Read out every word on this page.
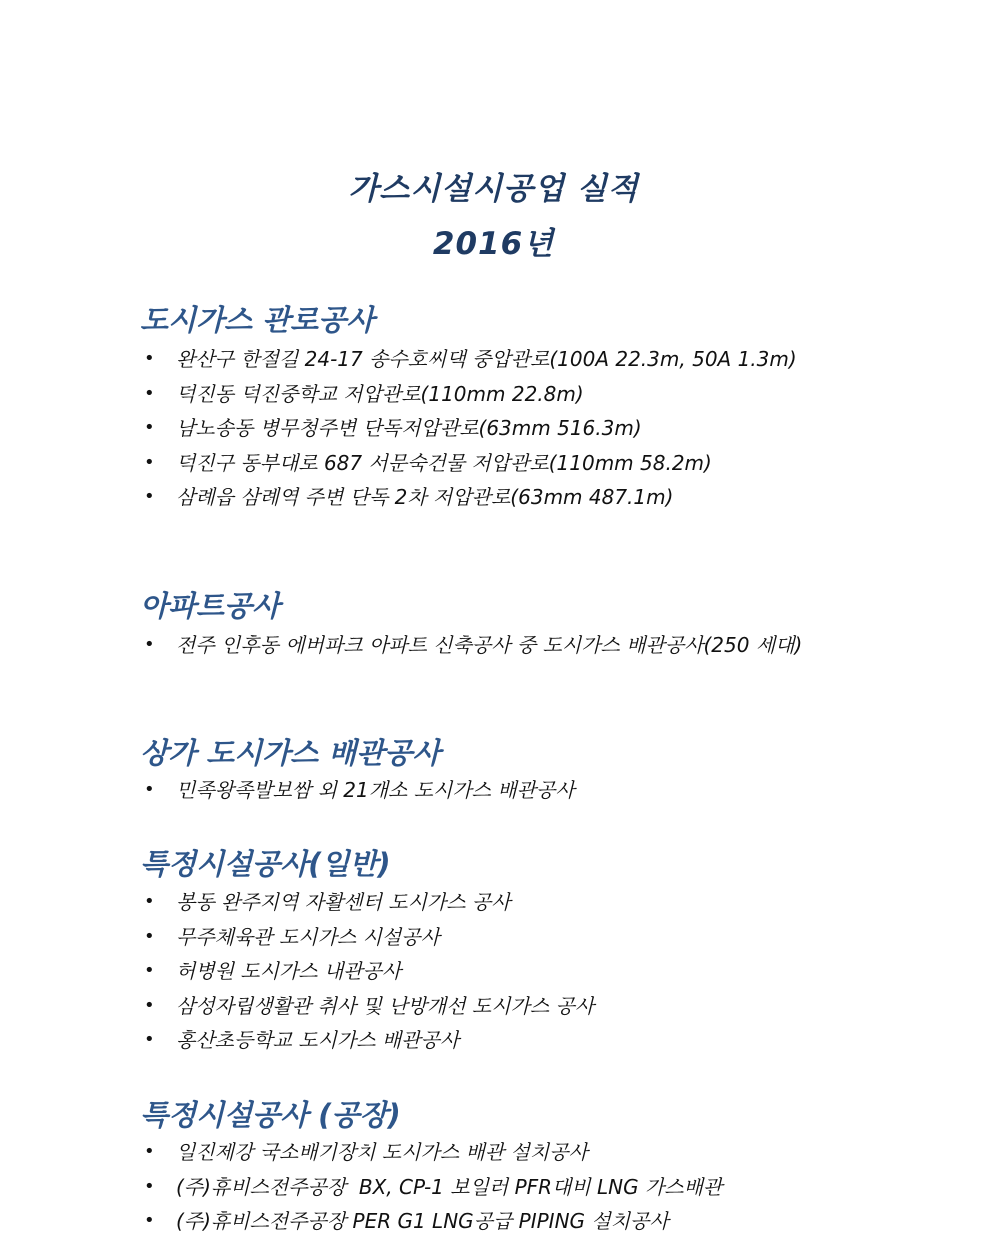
가스시설시공업 실적
2016년
도시가스 관로공사
• 완산구 한절길 24-17 송수호씨댁 중압관로(100A 22.3m, 50A 1.3m)
• 덕진동 덕진중학교 저압관로(110mm 22.8m)
• 남노송동 병무청주변 단독저압관로(63mm 516.3m)
• 덕진구 동부대로 687 서문숙건물 저압관로(110mm 58.2m)
• 삼례읍 삼례역 주변 단독 2차 저압관로(63mm 487.1m)
아파트공사
• 전주 인후동 에버파크 아파트 신축공사 중 도시가스 배관공사(250 세대)
상가 도시가스 배관공사
• 민족왕족발보쌈 외 21개소 도시가스 배관공사
특정시설공사(일반)
• 봉동 완주지역 자활센터 도시가스 공사
• 무주체육관 도시가스 시설공사
• 허병원 도시가스 내관공사
• 삼성자립생활관 취사 및 난방개선 도시가스 공사
• 홍산초등학교 도시가스 배관공사
특정시설공사 (공장)
• 일진제강 국소배기장치 도시가스 배관 설치공사
• (주)휴비스전주공장  BX, CP-1 보일러 PFR대비 LNG 가스배관
• (주)휴비스전주공장 PER G1 LNG공급 PIPING 설치공사
